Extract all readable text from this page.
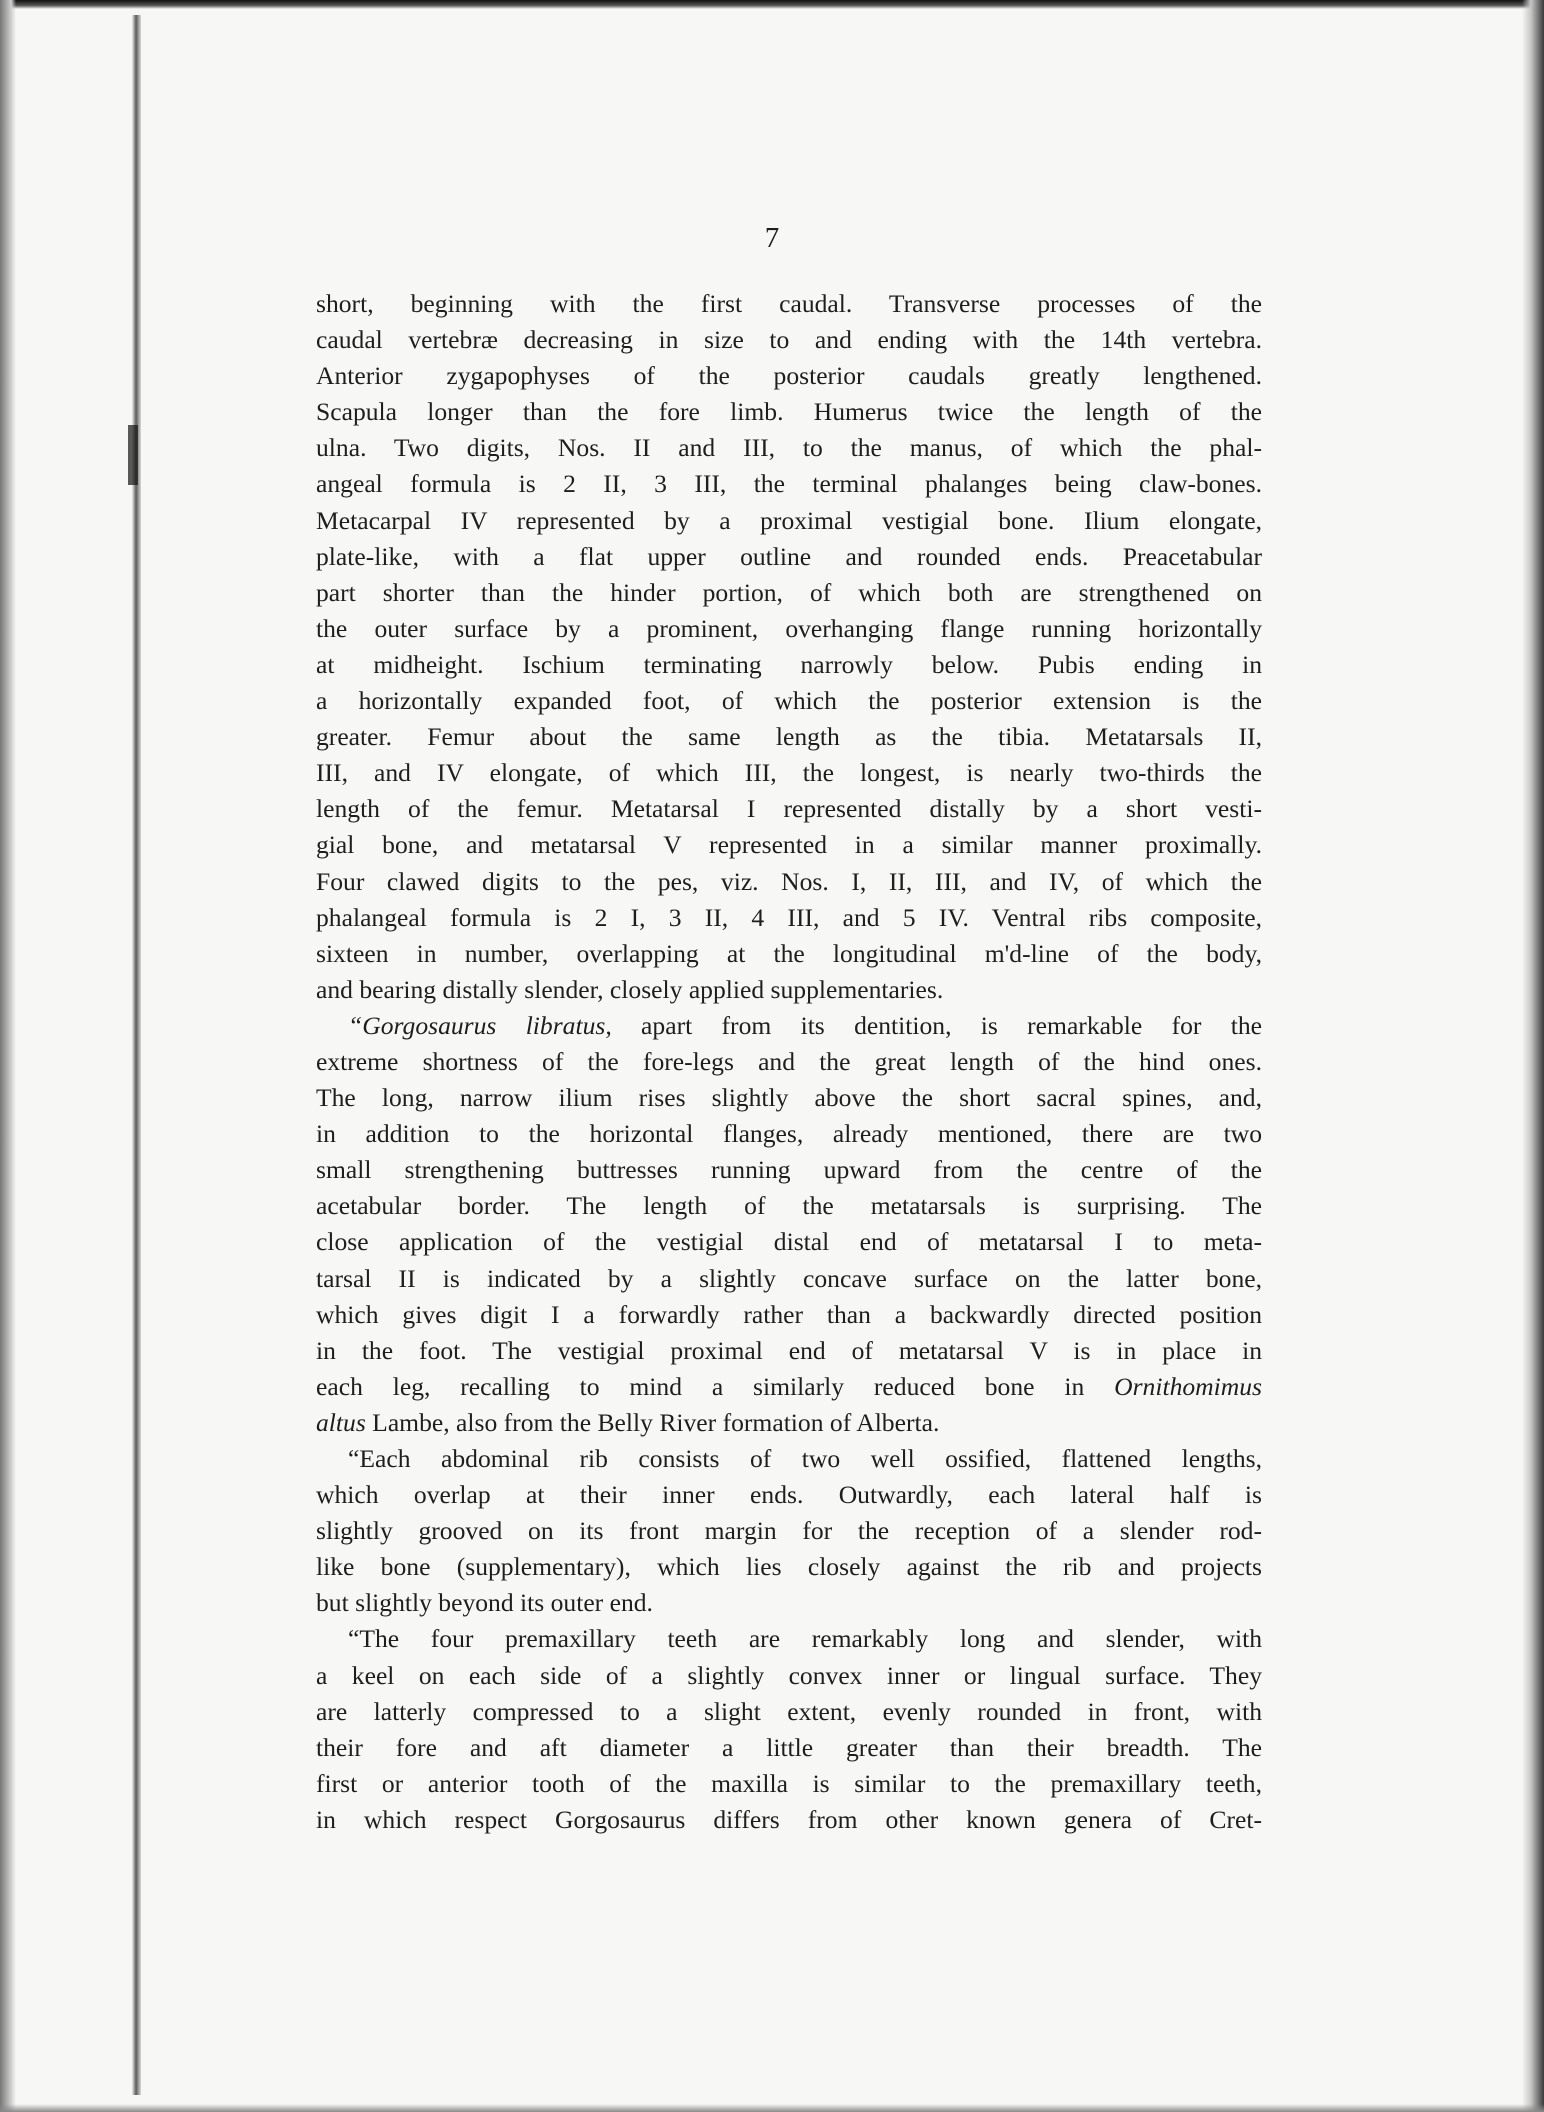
7
short, beginning with the first caudal. Transverse processes of the
caudal vertebræ decreasing in size to and ending with the 14th vertebra.
Anterior zygapophyses of the posterior caudals greatly lengthened.
Scapula longer than the fore limb. Humerus twice the length of the
ulna. Two digits, Nos. II and III, to the manus, of which the phal-
angeal formula is 2 II, 3 III, the terminal phalanges being claw-bones.
Metacarpal IV represented by a proximal vestigial bone. Ilium elongate,
plate-like, with a flat upper outline and rounded ends. Preacetabular
part shorter than the hinder portion, of which both are strengthened on
the outer surface by a prominent, overhanging flange running horizontally
at midheight. Ischium terminating narrowly below. Pubis ending in
a horizontally expanded foot, of which the posterior extension is the
greater. Femur about the same length as the tibia. Metatarsals II,
III, and IV elongate, of which III, the longest, is nearly two-thirds the
length of the femur. Metatarsal I represented distally by a short vesti-
gial bone, and metatarsal V represented in a similar manner proximally.
Four clawed digits to the pes, viz. Nos. I, II, III, and IV, of which the
phalangeal formula is 2 I, 3 II, 4 III, and 5 IV. Ventral ribs composite,
sixteen in number, overlapping at the longitudinal m'd-line of the body,
and bearing distally slender, closely applied supplementaries.
“Gorgosaurus libratus, apart from its dentition, is remarkable for the
extreme shortness of the fore-legs and the great length of the hind ones.
The long, narrow ilium rises slightly above the short sacral spines, and,
in addition to the horizontal flanges, already mentioned, there are two
small strengthening buttresses running upward from the centre of the
acetabular border. The length of the metatarsals is surprising. The
close application of the vestigial distal end of metatarsal I to meta-
tarsal II is indicated by a slightly concave surface on the latter bone,
which gives digit I a forwardly rather than a backwardly directed position
in the foot. The vestigial proximal end of metatarsal V is in place in
each leg, recalling to mind a similarly reduced bone in Ornithomimus
altus Lambe, also from the Belly River formation of Alberta.
“Each abdominal rib consists of two well ossified, flattened lengths,
which overlap at their inner ends. Outwardly, each lateral half is
slightly grooved on its front margin for the reception of a slender rod-
like bone (supplementary), which lies closely against the rib and projects
but slightly beyond its outer end.
“The four premaxillary teeth are remarkably long and slender, with
a keel on each side of a slightly convex inner or lingual surface. They
are latterly compressed to a slight extent, evenly rounded in front, with
their fore and aft diameter a little greater than their breadth. The
first or anterior tooth of the maxilla is similar to the premaxillary teeth,
in which respect Gorgosaurus differs from other known genera of Cret-
